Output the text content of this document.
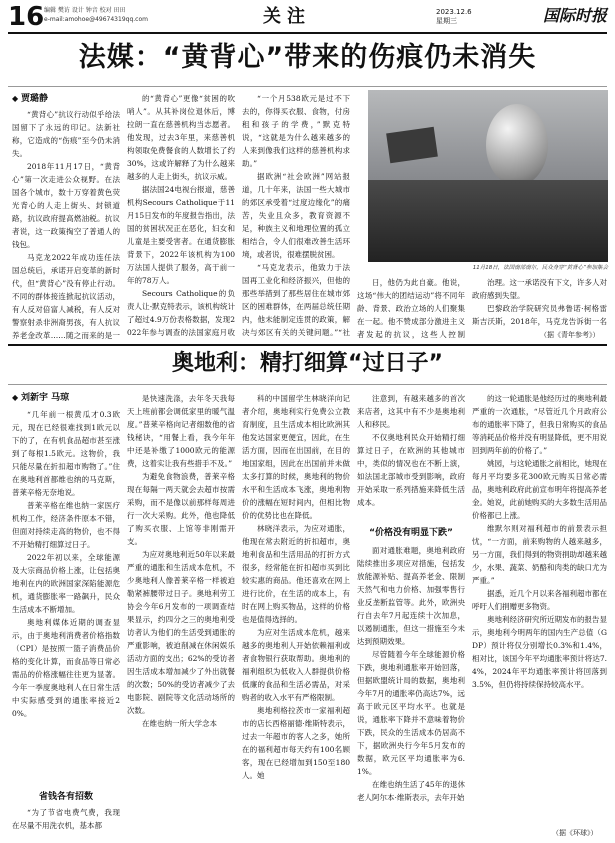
16 编辑 樊访 设计 钟音 校对 田田
e-mail:amohoe@49674319qq.com	关注	2023.12.6
星期三	国际时报
法媒：“黄背心”带来的伤痕仍未消失
◆ 贾璐静

“黄背心”抗议行动似乎给法国留下了永远的印记。法新社称，它造成的“伤痕”至今仍未消失。

2018年11月17日，“黄背心”第一次走进公众视野。在法国各个城市，数十万穿着黄色荧光背心的人走上街头、封锁道路，抗议政府提高燃油税。抗议者说，这一政策掏空了普通人的钱包。

马克龙2022年成功连任法国总统后，承诺开启变革的新时代，但“黄背心”没有停止行动。不同的群体接连掀起抗议活动，有人反对倍富人减税，有人反对警察射杀非洲裔男孩，有人抗议养老金改革……随之而来的是一

的“黄背心”更像“贫困的吹哨人”。从其补岗位退休后，博拉朗一直在慈善机构当志愿者。他发现，过去3年里，来慈善机构领取免费餐食的人数增长了约30%，这或许解释了为什么越来越多的人走上街头，抗议示威。

据法国24电视台报道，慈善机构Secours Catholique于11月15日发布的年度报告指出，法国的贫困状况正在恶化，妇女和儿童是主要受害者。在通货膨胀背景下，2022年该机构为100万法国人提供了服务，高于前一年的78万人。

Secours Catholique的负责人让-默克特表示，该机构统计了超过4.9万份表格数据，发现2022年参与调查的法国家庭月收

“一个月538欧元是过不下去的，你得买衣服、食物，付房租和孩子的学费，”默克特说，“这就是为什么越来越多的人来到像我们这样的慈善机构求助。”

据欧洲“社会欧洲”网站报道，几十年来，法国一些大城市的郊区承受着“过度边缘化”的痛苦，失业且众多，教育资源不足，种族主义和地理位置的孤立相结合，令人们很难改善生活环境，或者说，很难摆脱贫困。

“马克龙表示，他致力于法国再工业化和经济振兴，但他的那些举措到了那些居住在城市郊区的困难群体，在两届总统任期内，他未能制定连贯的政策，解决与郊区有关的关键问题。”“社

11月18日，法国南部南尔，民众身穿“黄背心”参加集会

日，他仍为此自豪。他说，这场“伟大的团结运动”将不同年龄、背景、政治立场的人们聚集在一起。他不赞成部分激进主义者发起的抗议，这些人控制

治理。这一承诺没有下文，许多人对政府感到失望。

巴黎政治学院研究员弗鲁诺·柯格雷斯吉沃斯，2018年，马克龙告诉街一名

（据《青年参考》）
奥地利：精打细算“过日子”
◆ 刘新宇 马琼

“几年前一根黄瓜才0.3欧元，现在已经很难找到1欧元以下的了，在有机食品超市甚至涨到了每根1.5欧元。这物价，我只能尽量在折扣超市购物了。”住在奥地利首都维也纳的马克斯，普莱辛格无奈地说。

普莱辛格在维也纳一家医疗机构工作，经济条件原本不错，但面对持续走高的物价，也不得不开始精打细算过日子。

2022年初以来，全球能源及大宗商品价格上涨，让包括奥地利在内的欧洲国家深陷能源危机，通货膨胀率一路飙升，民众生活成本不断增加。

奥地利媒体近期的调查显示，由于奥地利消费者价格指数（CPI）是按照一篮子消费品价格的变化计算，而食品等日常必需品的价格涨幅往往更为显著。今年一季度奥地利人在日常生活中实际感受到的通胀率接近20%。

省钱各有招数
“为了节省电费气费，我现在尽量不用洗衣机，基本都

是快速洗涤，去年冬天我每天上班前都会调低家里的暖气温度。”普莱辛格向记者细数他的省钱秘诀，“用餐上看，我今年年中还是补缴了1000欧元的能源费，这着实让我有些措手不及。”

为避免食物浪费，普莱辛格现在每隔一两天就会去超市按需采购，而不是像以前那样每周进行一次大采购。此外，他也降低了购买衣服、上馆等非刚需开支。

为应对奥地利近50年以来最严重的通胀和生活成本危机，不少奥地利人像普莱辛格一样被迫勒紧裤腰带过日子。奥地利劳工协会今年6月发布的一项调查结果显示，约四分之三的奥地利受访者认为他们的生活受到通胀的严重影响，被迫削减在休闲娱乐活动方面的支出；62%的受访者因生活成本增加减少了外出就餐的次数；50%的受访者减少了去电影院、剧院等文化活动场所的次数。

在维也纳一所大学念本

科的中国留学生林晓洋向记者介绍，奥地利实行免费公立教育制度，且生活成本相比欧洲其他发达国家更便宜，因此，在生活方面，因而在出国前，在目的地国家组，因此在出国前并未做太多打算的时候，奥地利的物价水平和生活成本飞涨，奥地利物价的涨幅在短时间内，但相比物价的优势比也在降低。

林晓洋表示，为应对通胀，他现在常去附近的折扣超市，奥地利食品和生活用品的打折方式很多，经常能在折扣超市买到比较实惠的商品。他还喜欢在网上进行比价，在生活的成本上，有时在网上购买物品，这样的价格也是值得选择的。

为应对生活成本危机，越来越多的奥地利人开始依赖福利或者食物银行获取帮助。奥地利的福利组织为低收入人群提供价格低廉的食品和生活必需品，对采购者的收入水平有严格限制。

奥地利格拉茨市一家福利超市的店长西格丽德·维斯特表示，过去一年超市的客人之多，她所在的福利超市每天约有100名顾客，现在已经增加到150至180人。她

注意到，有越来越多的首次来店者，这其中有不少是奥地利人和移民。

不仅奥地利民众开始精打细算过日子，在欧洲的其他城市中，类似的情况也在不断上演，如法国北部城市受到影响，政府开始采取一系列措施来降低生活成本。

“价格没有明显下跌”

面对通胀难题，奥地利政府陆续推出多项应对措施，包括发放能源补贴、提高养老金、限制天然气和电力价格、加强零售行业反垄断监管等。此外，欧洲央行自去年7月起连续十次加息，以遏制通胀，但这一措施至今未达到预期效果。

尽管随着今年全球能源价格下跌，奥地利通胀率开始回落，但据欧盟统计局的数据，奥地利今年7月的通胀率仍高达7%，远高于欧元区平均水平。也就是说，通胀率下降并不意味着物价下跌，民众的生活成本仍居高不下，据欧洲央行今年5月发布的数据，欧元区平均通胀率为6.1%。

在维也纳生活了45年的退休老人阿尔本·维斯表示，去年开始

的这一轮通胀是他经历过的奥地利最严重的一次通胀，“尽管近几个月政府公布的通胀率下降了，但我日常购买的食品等消耗品价格并没有明显降低，更不用说回到两年前的价格了。”

姚园，与这轮通胀之前相比，她现在每月平均要多花300欧元购买日常必需品，奥地利政府此前宣布明年将提高养老金。她说，此前她购买的大多数生活用品价格都已上涨。

维默尔则对福利超市的前景表示担忧，“一方面，前来购物的人越来越多，另一方面，我们得到的物资捐助却越来越少，水果、蔬菜、奶酪和肉类的缺口尤为严重。”

据悉，近几个月以来各福利超市都在呼吁人们捐赠更多物资。

奥地利经济研究所近期发布的报告显示，奥地利今明两年的国内生产总值（GDP）预计将仅分别增长0.3%和1.4%，相对比，该国今年平均通胀率预计将达7.4%，2024年平均通胀率预计将回落到3.5%，但仍将持续保持较高水平。

（据《环球》）
